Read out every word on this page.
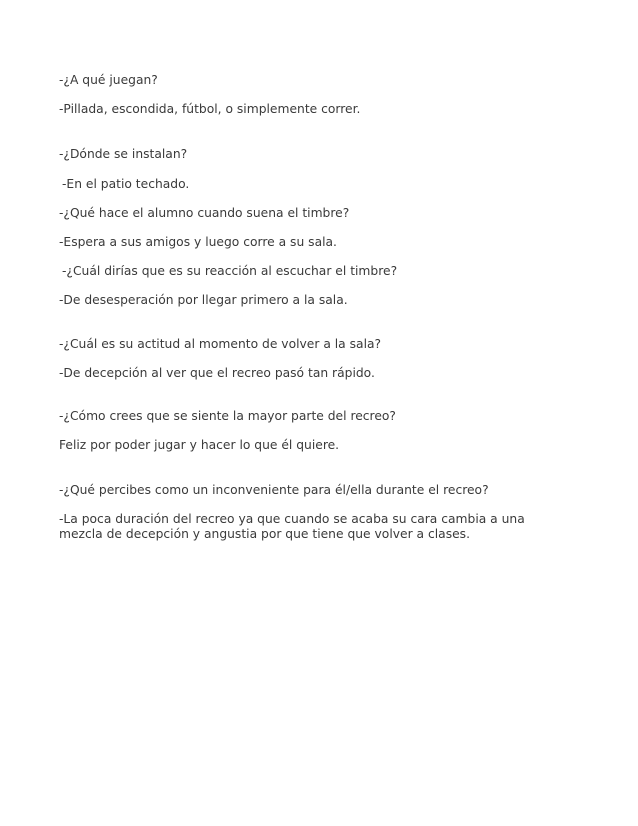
-¿A qué juegan?
-Pillada, escondida, fútbol, o simplemente correr.
-¿Dónde se instalan?
-En el patio techado.
-¿Qué hace el alumno cuando suena el timbre?
-Espera a sus amigos y luego corre a su sala.
-¿Cuál dirías que es su reacción al escuchar el timbre?
-De desesperación por llegar primero a la sala.
-¿Cuál es su actitud al momento de volver a la sala?
-De decepción al ver que el recreo pasó tan rápido.
-¿Cómo crees que se siente la mayor parte del recreo?
Feliz por poder jugar y hacer lo que él quiere.
-¿Qué percibes como un inconveniente para él/ella durante el recreo?
-La poca duración del recreo ya que cuando se acaba su cara cambia a una
mezcla de decepción y angustia por que tiene que volver a clases.
